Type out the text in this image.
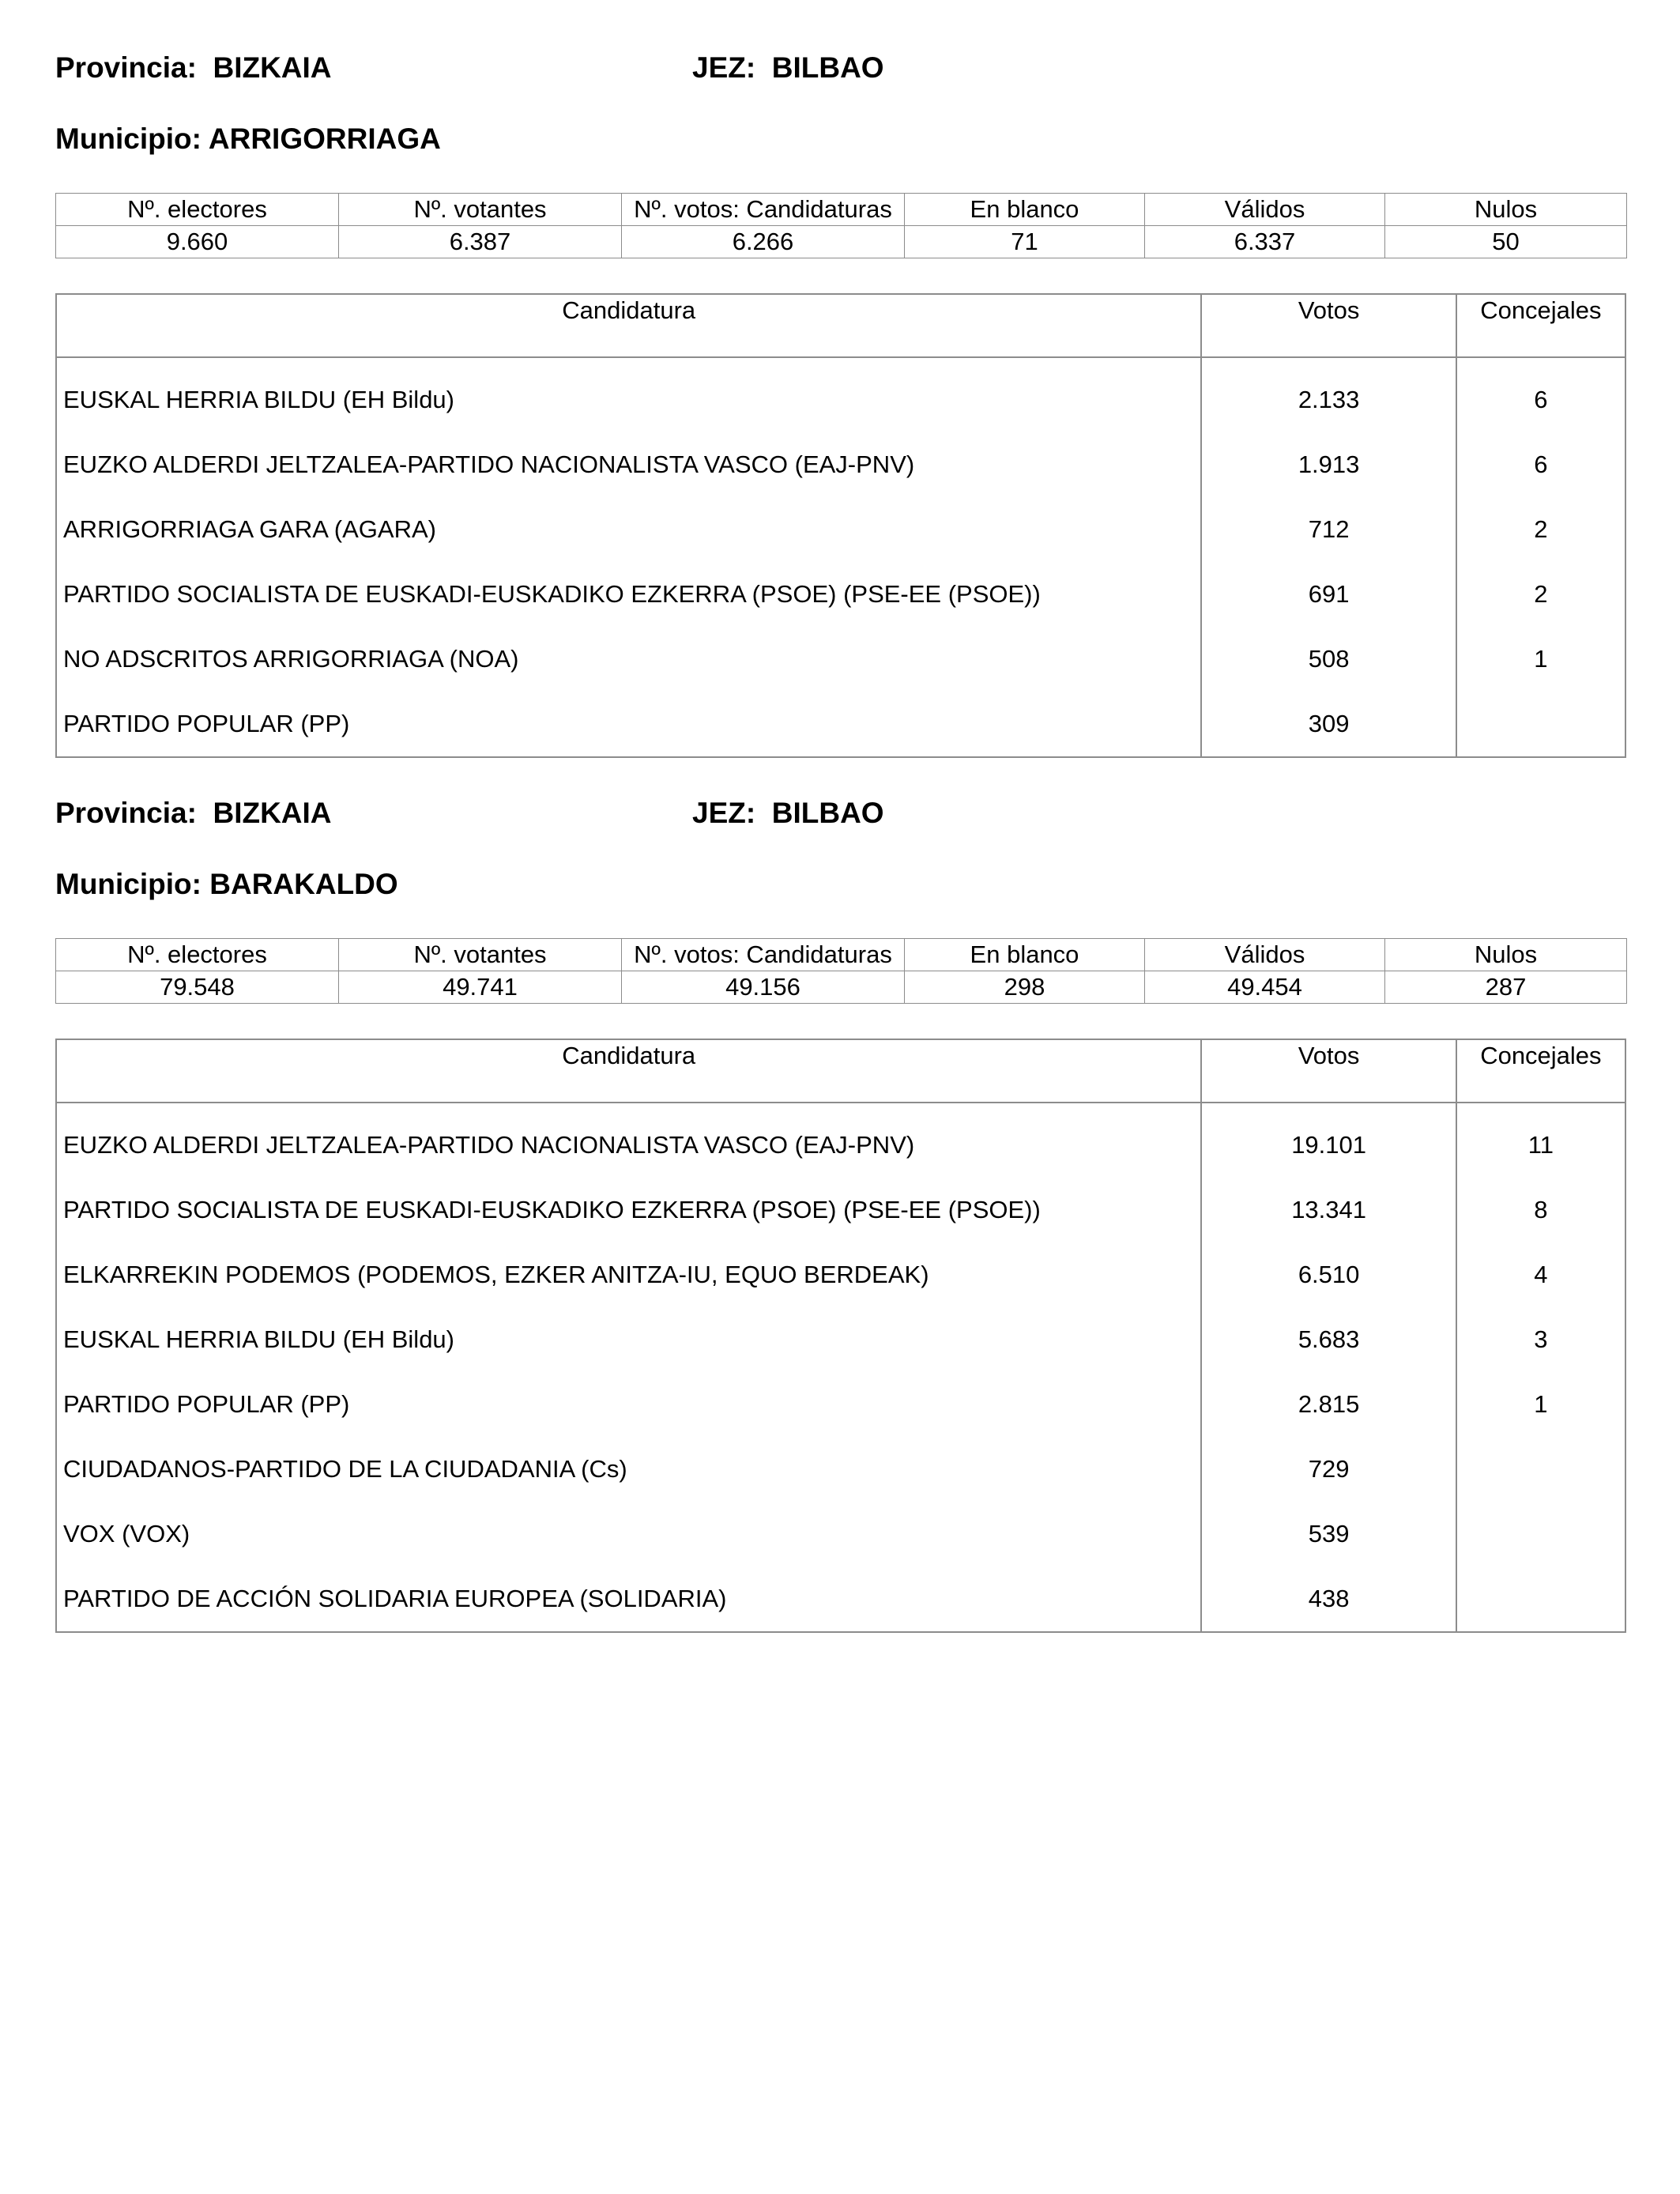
Provincia: BIZKAIA	JEZ: BILBAO
Municipio: ARRIGORRIAGA
Nº. electores	Nº. votantes	Nº. votos: Candidaturas	En blanco	Válidos	Nulos
9.660	6.387	6.266	71	6.337	50
Candidatura	Votos	Concejales

EUSKAL HERRIA BILDU (EH Bildu)	2.133	6
EUZKO ALDERDI JELTZALEA-PARTIDO NACIONALISTA VASCO (EAJ-PNV)	1.913	6
ARRIGORRIAGA GARA (AGARA)	712	2
PARTIDO SOCIALISTA DE EUSKADI-EUSKADIKO EZKERRA (PSOE) (PSE-EE (PSOE))	691	2
NO ADSCRITOS ARRIGORRIAGA (NOA)	508	1
PARTIDO POPULAR (PP)	309	
Provincia: BIZKAIA	JEZ: BILBAO
Municipio: BARAKALDO
Nº. electores	Nº. votantes	Nº. votos: Candidaturas	En blanco	Válidos	Nulos
79.548	49.741	49.156	298	49.454	287
Candidatura	Votos	Concejales

EUZKO ALDERDI JELTZALEA-PARTIDO NACIONALISTA VASCO (EAJ-PNV)	19.101	11
PARTIDO SOCIALISTA DE EUSKADI-EUSKADIKO EZKERRA (PSOE) (PSE-EE (PSOE))	13.341	8
ELKARREKIN PODEMOS (PODEMOS, EZKER ANITZA-IU, EQUO BERDEAK)	6.510	4
EUSKAL HERRIA BILDU (EH Bildu)	5.683	3
PARTIDO POPULAR (PP)	2.815	1
CIUDADANOS-PARTIDO DE LA CIUDADANIA (Cs)	729	
VOX (VOX)	539	
PARTIDO DE ACCIÓN SOLIDARIA EUROPEA (SOLIDARIA)	438	
